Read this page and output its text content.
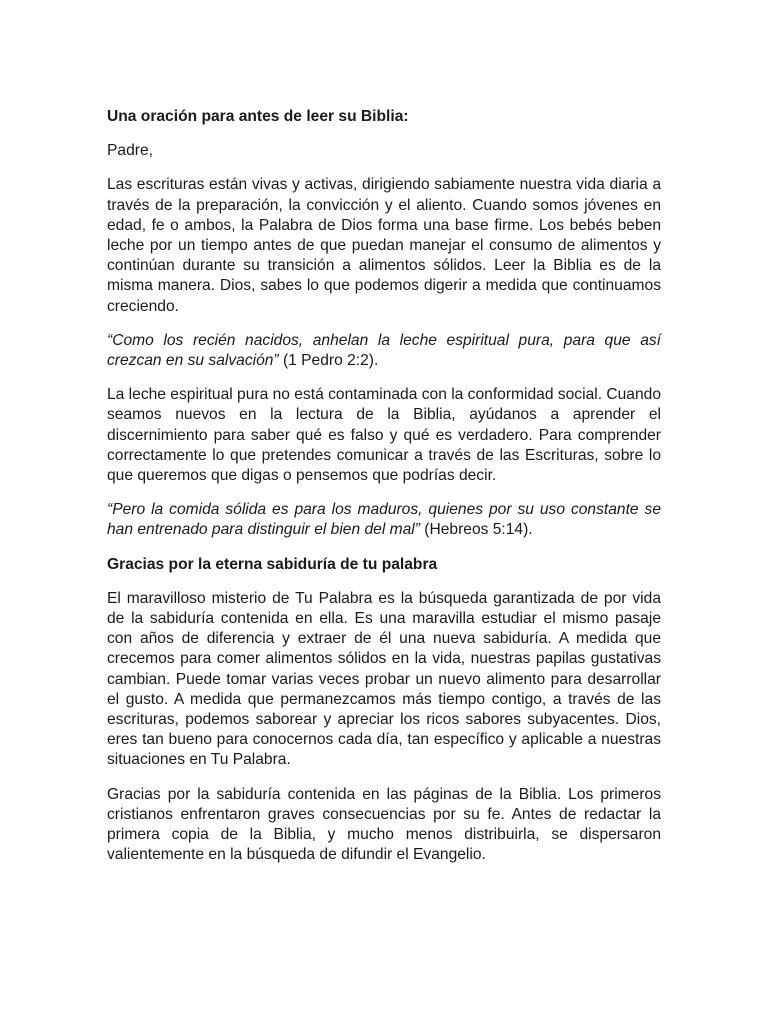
Una oración para antes de leer su Biblia:

Padre,

Las escrituras están vivas y activas, dirigiendo sabiamente nuestra vida diaria a través de la preparación, la convicción y el aliento. Cuando somos jóvenes en edad, fe o ambos, la Palabra de Dios forma una base firme. Los bebés beben leche por un tiempo antes de que puedan manejar el consumo de alimentos y continúan durante su transición a alimentos sólidos. Leer la Biblia es de la misma manera. Dios, sabes lo que podemos digerir a medida que continuamos creciendo.

“Como los recién nacidos, anhelan la leche espiritual pura, para que así crezcan en su salvación” (1 Pedro 2:2).

La leche espiritual pura no está contaminada con la conformidad social. Cuando seamos nuevos en la lectura de la Biblia, ayúdanos a aprender el discernimiento para saber qué es falso y qué es verdadero. Para comprender correctamente lo que pretendes comunicar a través de las Escrituras, sobre lo que queremos que digas o pensemos que podrías decir.

“Pero la comida sólida es para los maduros, quienes por su uso constante se han entrenado para distinguir el bien del mal” (Hebreos 5:14).

Gracias por la eterna sabiduría de tu palabra

El maravilloso misterio de Tu Palabra es la búsqueda garantizada de por vida de la sabiduría contenida en ella. Es una maravilla estudiar el mismo pasaje con años de diferencia y extraer de él una nueva sabiduría. A medida que crecemos para comer alimentos sólidos en la vida, nuestras papilas gustativas cambian. Puede tomar varias veces probar un nuevo alimento para desarrollar el gusto. A medida que permanezcamos más tiempo contigo, a través de las escrituras, podemos saborear y apreciar los ricos sabores subyacentes. Dios, eres tan bueno para conocernos cada día, tan específico y aplicable a nuestras situaciones en Tu Palabra.

Gracias por la sabiduría contenida en las páginas de la Biblia. Los primeros cristianos enfrentaron graves consecuencias por su fe. Antes de redactar la primera copia de la Biblia, y mucho menos distribuirla, se dispersaron valientemente en la búsqueda de difundir el Evangelio.
